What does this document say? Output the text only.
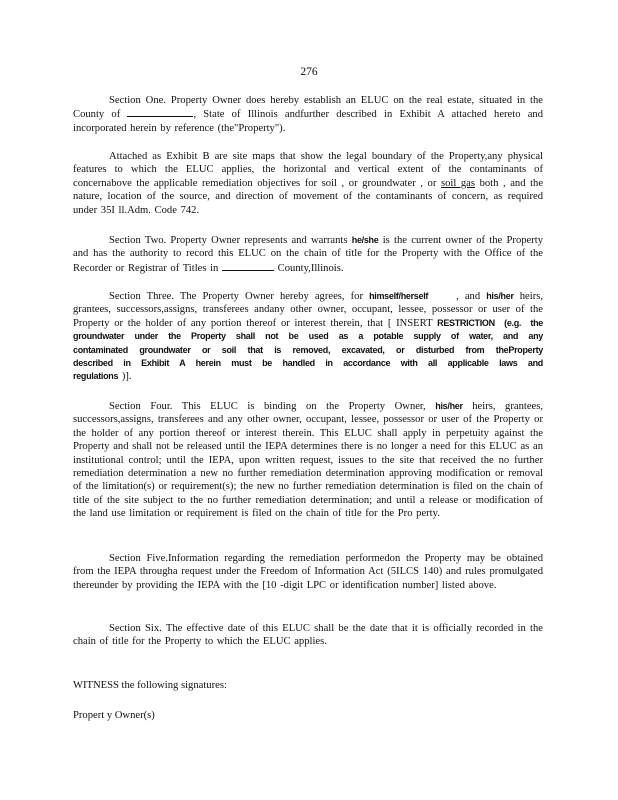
276

Section One. Property Owner does hereby establish an ELUC on the real estate, situated in the County of	, State of Illinois andfurther described in Exhibit A attached hereto and incorporated herein by reference (the"Property").

Attached as Exhibit B are site maps that show the legal boundary of the Property,any physical features to which the ELUC applies, the horizontal and vertical extent of the contaminants of concernabove the applicable remediation objectives for soil , or groundwater , or soil gas both , and the nature, location of the source, and direction of movement of the contaminants of concern, as required under 35I ll.Adm. Code 742.

Section Two. Property Owner represents and warrants he/she is the current owner of the Property and has the authority to record this ELUC on the chain of title for the Property with the Office of the Recorder or Registrar of Titles in	County,Illinois.

Section Three. The Property Owner hereby agrees, for himself/herself	, and his/her heirs, grantees, successors,assigns, transferees andany other owner, occupant, lessee, possessor or user of the Property or the holder of any portion thereof or interest therein, that [ INSERT RESTRICTION (e.g. the groundwater under the Property shall not be used as a potable supply of water, and any contaminated groundwater or soil that is removed, excavated, or disturbed from theProperty described in Exhibit A herein must be handled in accordance with all applicable laws and regulations )].

Section Four. This ELUC is binding on the Property Owner, his/her heirs, grantees, successors,assigns, transferees and any other owner, occupant, lessee, possessor or user of the Property or the holder of any portion thereof or interest therein. This ELUC shall apply in perpetuity against the Property and shall not be released until the IEPA determines there is no longer a need for this ELUC as an institutional control; until the IEPA, upon written request, issues to the site that received the no further remediation determination a new no further remediation determination approving modification or removal of the limitation(s) or requirement(s); the new no further remediation determination is filed on the chain of title of the site subject to the no further remediation determination; and until a release or modification of the land use limitation or requirement is filed on the chain of title for the Pro perty.

Section Five.Information regarding the remediation performedon the Property may be obtained from the IEPA througha request under the Freedom of Information Act (5ILCS 140) and rules promulgated thereunder by providing the IEPA with the [10 -digit LPC or identification number] listed above.

Section Six. The effective date of this ELUC shall be the date that it is officially recorded in the chain of title for the Property to which the ELUC applies.

WITNESS the following signatures:

Propert y Owner(s)
